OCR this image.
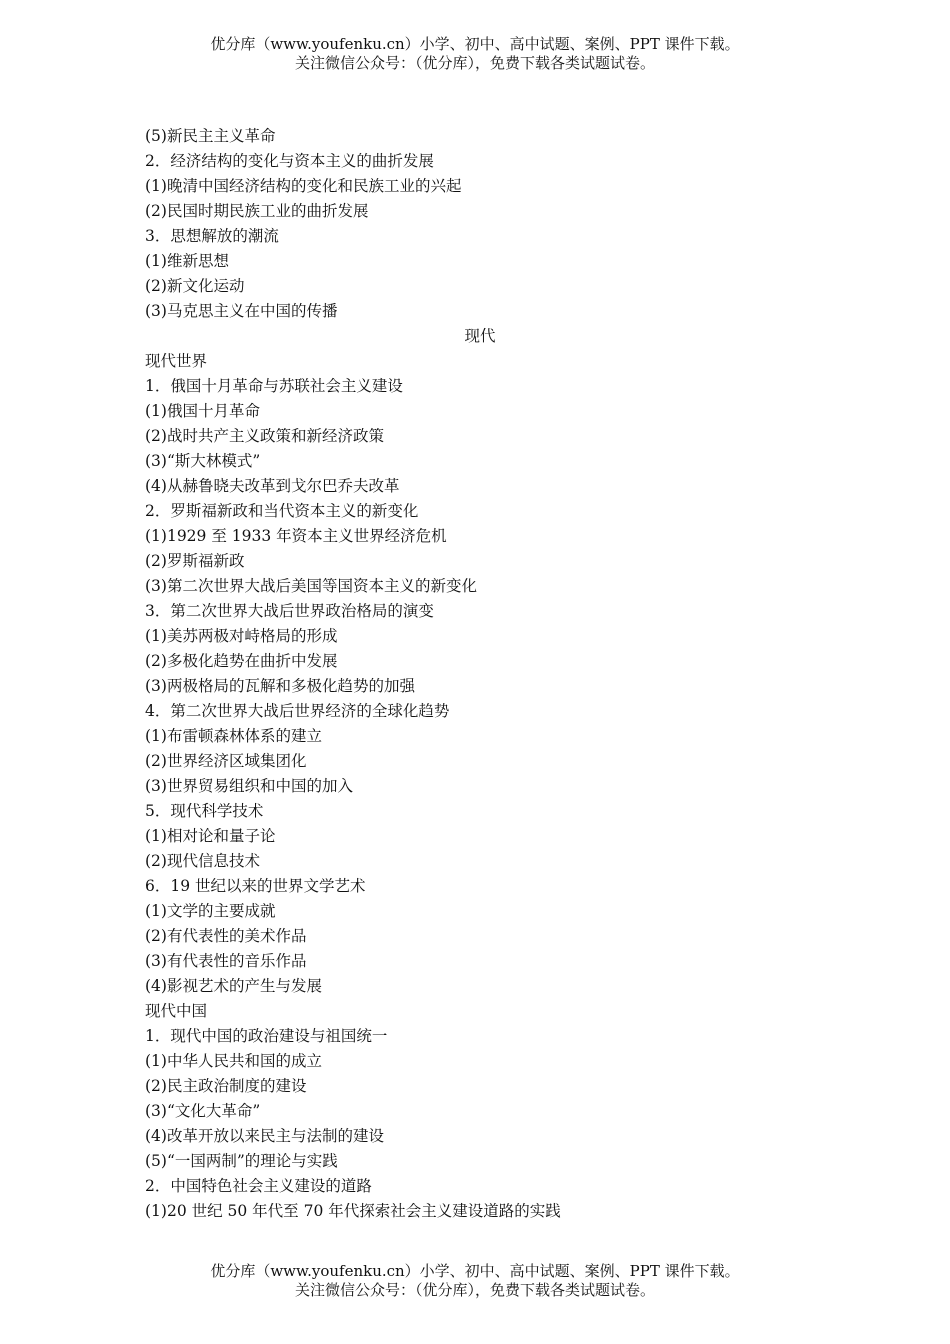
优分库（www.youfenku.cn）小学、初中、高中试题、案例、PPT 课件下载。
关注微信公众号：（优分库），免费下载各类试题试卷。
(5)新民主主义革命
2．经济结构的变化与资本主义的曲折发展
(1)晚清中国经济结构的变化和民族工业的兴起
(2)民国时期民族工业的曲折发展
3．思想解放的潮流
(1)维新思想
(2)新文化运动
(3)马克思主义在中国的传播
现代
现代世界
1．俄国十月革命与苏联社会主义建设
(1)俄国十月革命
(2)战时共产主义政策和新经济政策
(3)“斯大林模式”
(4)从赫鲁晓夫改革到戈尔巴乔夫改革
2．罗斯福新政和当代资本主义的新变化
(1)1929 至 1933 年资本主义世界经济危机
(2)罗斯福新政
(3)第二次世界大战后美国等国资本主义的新变化
3．第二次世界大战后世界政治格局的演变
(1)美苏两极对峙格局的形成
(2)多极化趋势在曲折中发展
(3)两极格局的瓦解和多极化趋势的加强
4．第二次世界大战后世界经济的全球化趋势
(1)布雷顿森林体系的建立
(2)世界经济区域集团化
(3)世界贸易组织和中国的加入
5．现代科学技术
(1)相对论和量子论
(2)现代信息技术
6．19 世纪以来的世界文学艺术
(1)文学的主要成就
(2)有代表性的美术作品
(3)有代表性的音乐作品
(4)影视艺术的产生与发展
现代中国
1．现代中国的政治建设与祖国统一
(1)中华人民共和国的成立
(2)民主政治制度的建设
(3)“文化大革命”
(4)改革开放以来民主与法制的建设
(5)“一国两制”的理论与实践
2．中国特色社会主义建设的道路
(1)20 世纪 50 年代至 70 年代探索社会主义建设道路的实践
优分库（www.youfenku.cn）小学、初中、高中试题、案例、PPT 课件下载。
关注微信公众号：（优分库），免费下载各类试题试卷。
